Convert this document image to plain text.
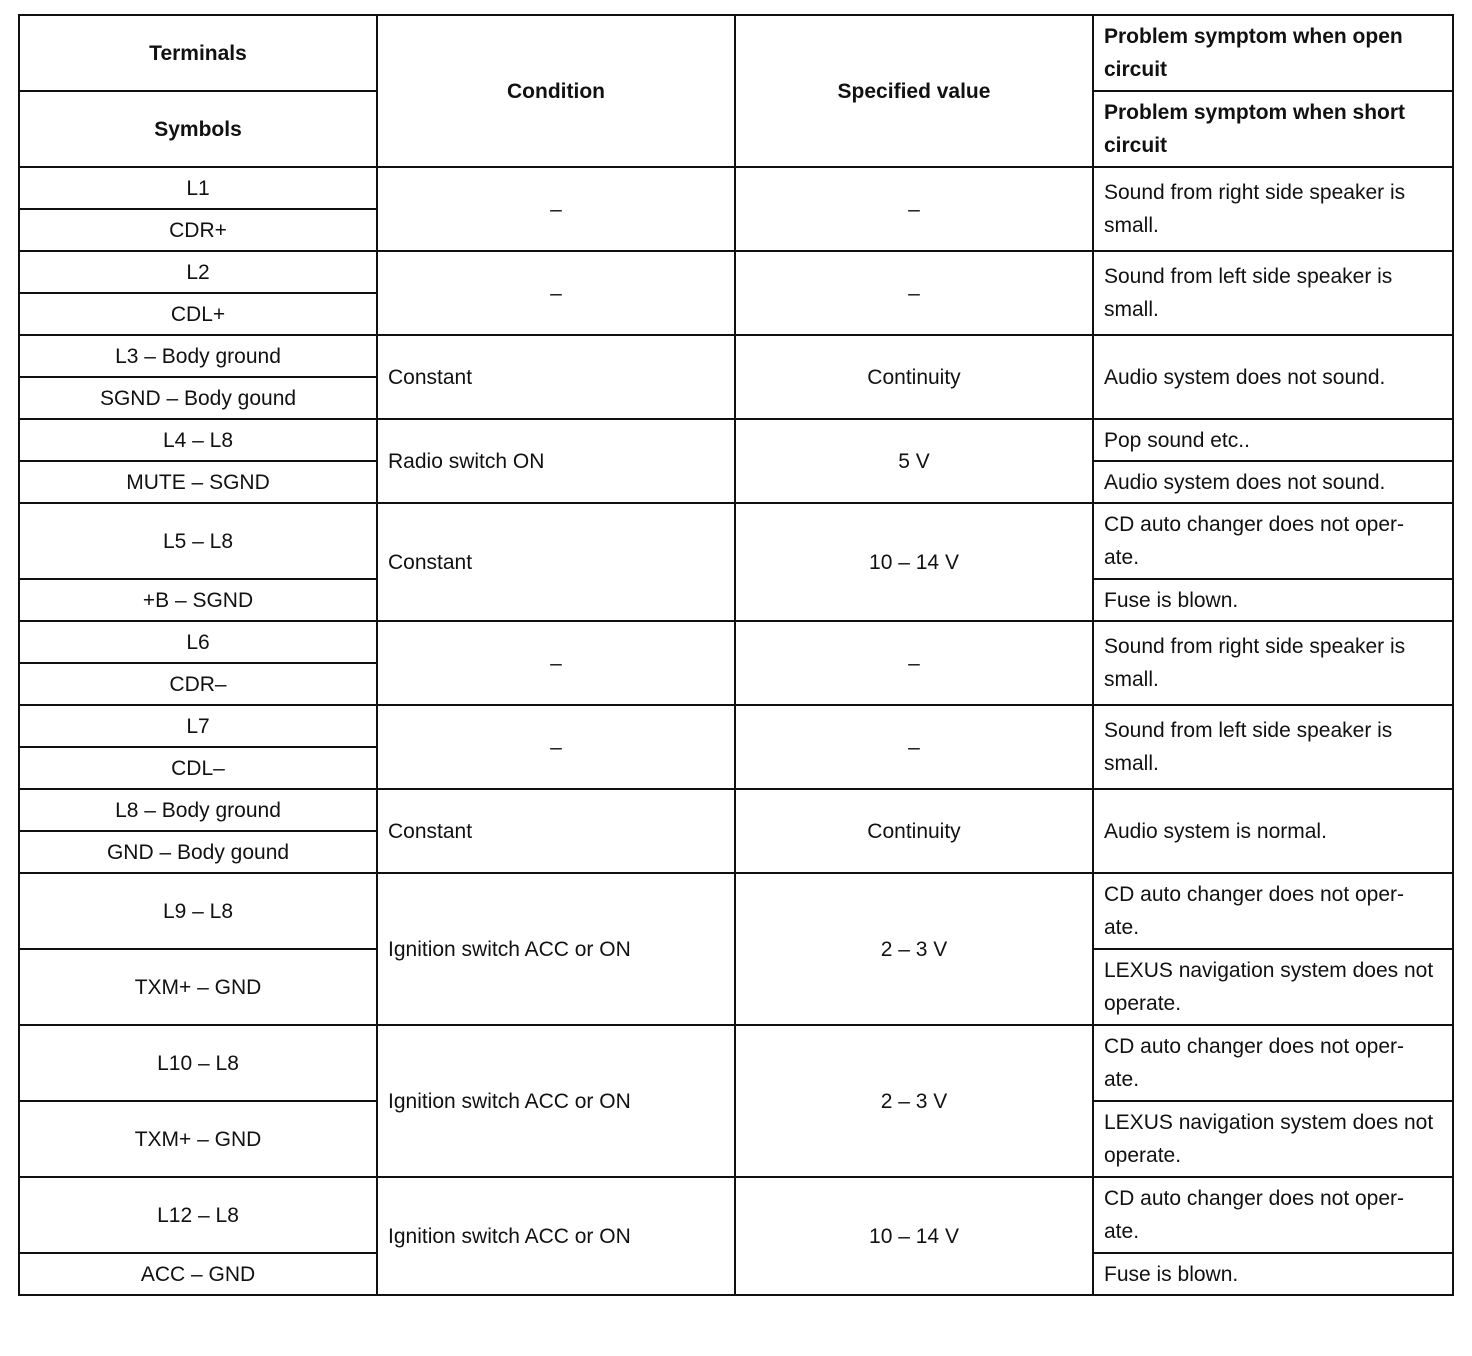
Terminals	Condition	Specified value	Problem symptom when open circuit
Symbols			Problem symptom when short circuit
L1	–	–	Sound from right side speaker is small.
CDR+			
L2	–	–	Sound from left side speaker is small.
CDL+			
L3 – Body ground	Constant	Continuity	Audio system does not sound.
SGND – Body gound			
L4 – L8	Radio switch ON	5 V	Pop sound etc..
MUTE – SGND			Audio system does not sound.
L5 – L8	Constant	10 – 14 V	CD auto changer does not oper- ate.
+B – SGND			Fuse is blown.
L6	–	–	Sound from right side speaker is small.
CDR–			
L7	–	–	Sound from left side speaker is small.
CDL–			
L8 – Body ground	Constant	Continuity	Audio system is normal.
GND – Body gound			
L9 – L8	Ignition switch ACC or ON	2 – 3 V	CD auto changer does not oper- ate.
TXM+ – GND			LEXUS navigation system does not operate.
L10 – L8	Ignition switch ACC or ON	2 – 3 V	CD auto changer does not oper- ate.
TXM+ – GND			LEXUS navigation system does not operate.
L12 – L8	Ignition switch ACC or ON	10 – 14 V	CD auto changer does not oper- ate.
ACC – GND			Fuse is blown.
